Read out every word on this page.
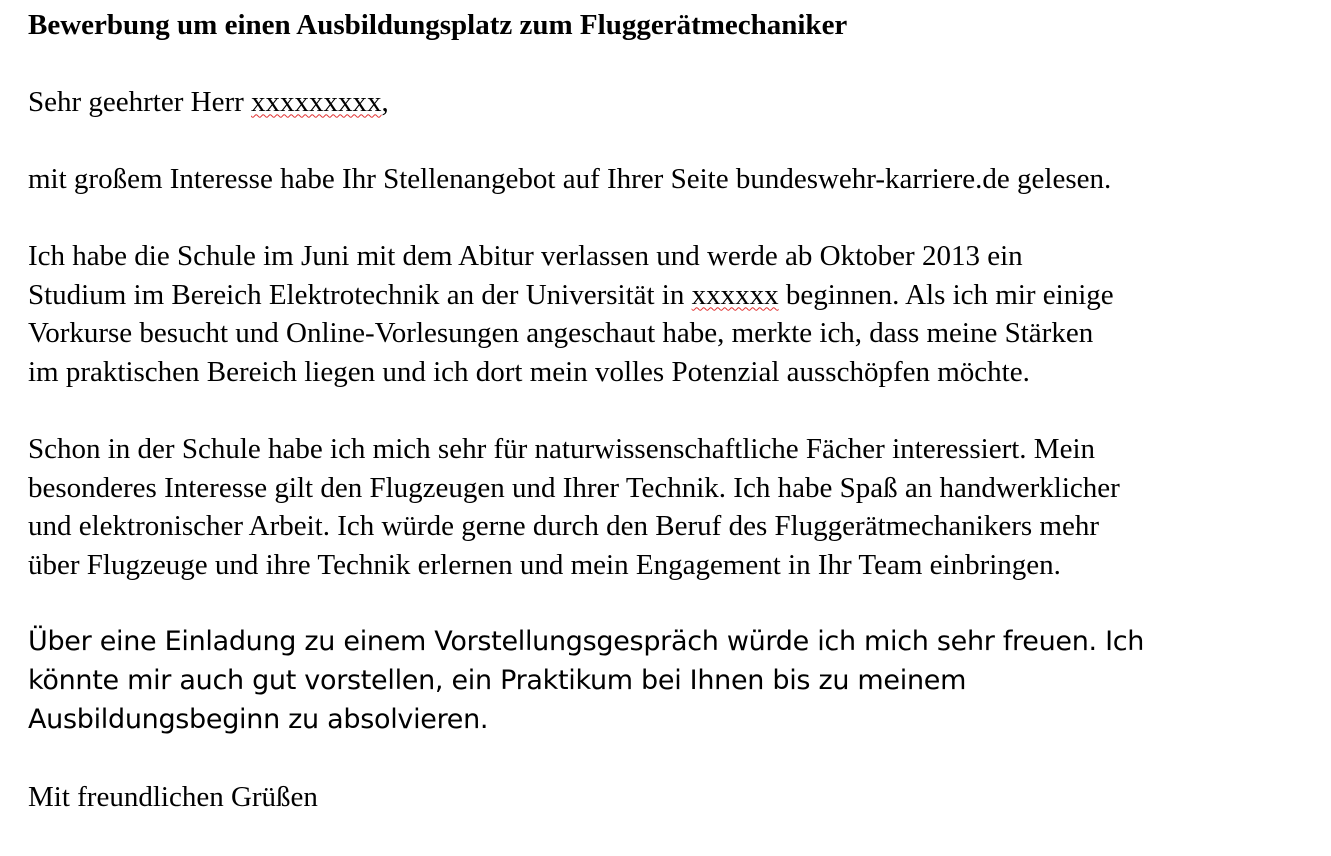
Bewerbung um einen Ausbildungsplatz zum Fluggerätmechaniker

Sehr geehrter Herr xxxxxxxxx,

mit großem Interesse habe Ihr Stellenangebot auf Ihrer Seite bundeswehr-karriere.de gelesen.

Ich habe die Schule im Juni mit dem Abitur verlassen und werde ab Oktober 2013 ein
Studium im Bereich Elektrotechnik an der Universität in xxxxxx beginnen. Als ich mir einige
Vorkurse besucht und Online-Vorlesungen angeschaut habe, merkte ich, dass meine Stärken
im praktischen Bereich liegen und ich dort mein volles Potenzial ausschöpfen möchte.

Schon in der Schule habe ich mich sehr für naturwissenschaftliche Fächer interessiert. Mein
besonderes Interesse gilt den Flugzeugen und Ihrer Technik. Ich habe Spaß an handwerklicher
und elektronischer Arbeit. Ich würde gerne durch den Beruf des Fluggerätmechanikers mehr
über Flugzeuge und ihre Technik erlernen und mein Engagement in Ihr Team einbringen.

Über eine Einladung zu einem Vorstellungsgespräch würde ich mich sehr freuen. Ich
könnte mir auch gut vorstellen, ein Praktikum bei Ihnen bis zu meinem
Ausbildungsbeginn zu absolvieren.

Mit freundlichen Grüßen
